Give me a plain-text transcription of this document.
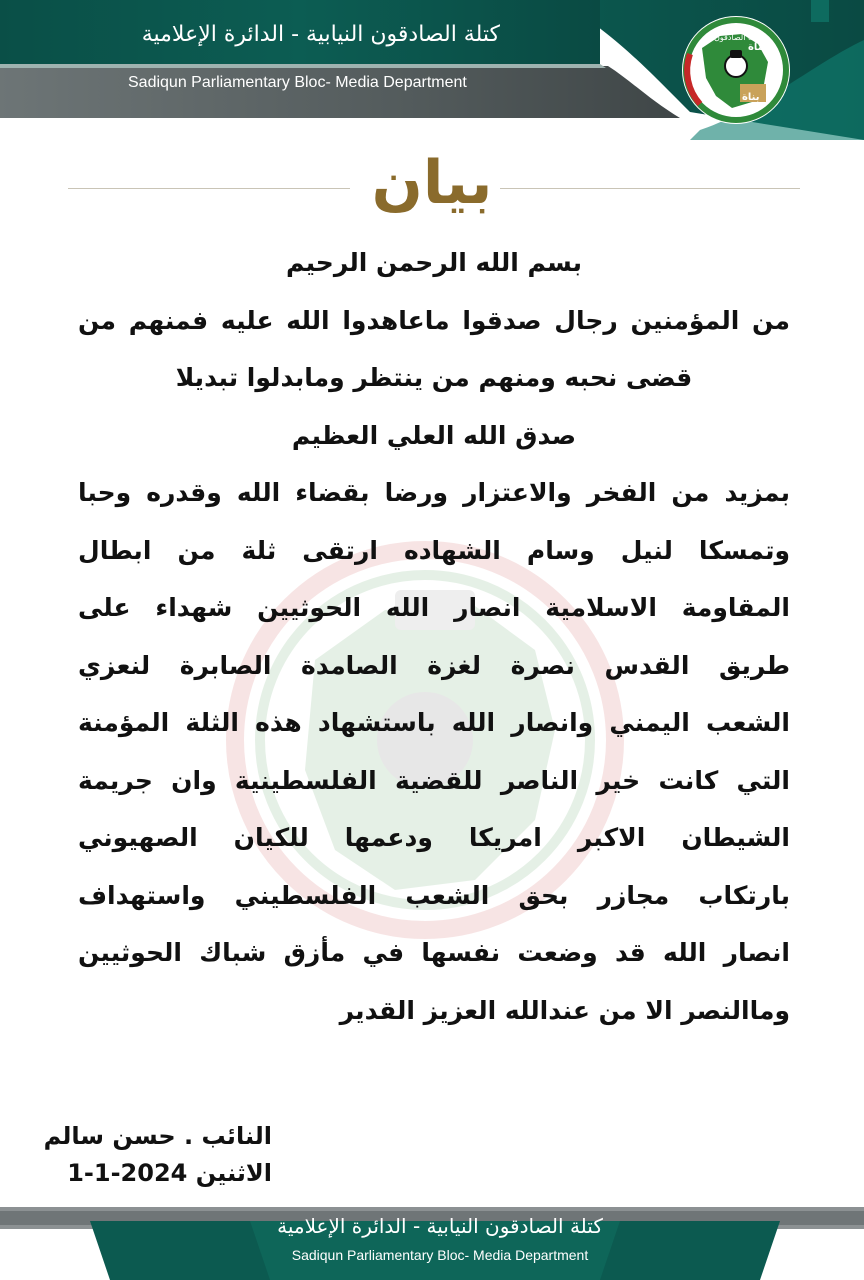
كتلة الصادقون النيابية - الدائرة الإعلامية
Sadiqun Parliamentary Bloc- Media Department
حركة الصادقون
حماة
بناة
بيان
بسم الله الرحمن الرحيم
من المؤمنين رجال صدقوا ماعاهدوا الله عليه فمنهم من
قضى نحبه ومنهم من ينتظر ومابدلوا تبديلا
صدق الله العلي العظيم
بمزيد من الفخر والاعتزار ورضا بقضاء الله وقدره وحبا
وتمسكا لنيل وسام الشهاده ارتقى ثلة من ابطال
المقاومة الاسلامية انصار الله الحوثيين شهداء على
طريق القدس نصرة لغزة الصامدة الصابرة لنعزي
الشعب اليمني وانصار الله باستشهاد هذه الثلة المؤمنة
التي كانت خير الناصر للقضية الفلسطينية وان جريمة
الشيطان الاكبر امريكا ودعمها للكيان الصهيوني
بارتكاب مجازر بحق الشعب الفلسطيني واستهداف
انصار الله قد وضعت نفسها في مأزق شباك الحوثيين
وماالنصر الا من عندالله العزيز القدير
النائب . حسن سالم
الاثنين 2024-1-1
كتلة الصادقون النيابية - الدائرة الإعلامية
Sadiqun Parliamentary Bloc- Media Department
